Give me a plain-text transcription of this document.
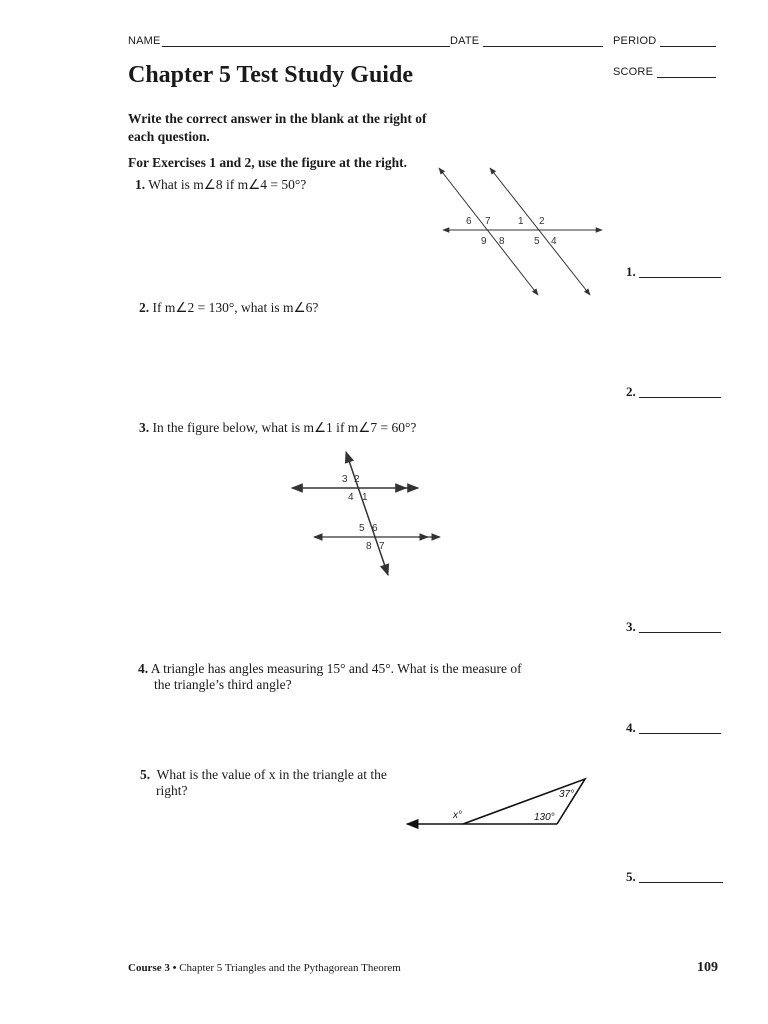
NAME	DATE	PERIOD
SCORE
Chapter 5 Test Study Guide
Write the correct answer in the blank at the right of
each question.
For Exercises 1 and 2, use the figure at the right.
1. What is m∠8 if m∠4 = 50°?
6 7	1 2
9 8	5 4
1.
2. If m∠2 = 130°, what is m∠6?
2.
3. In the figure below, what is m∠1 if m∠7 = 60°?
3 2
4 1
5 6
8 7
3.
4. A triangle has angles measuring 15° and 45°. What is the measure of
the triangle’s third angle?
4.
5. What is the value of x in the triangle at the
right?	37°
130°
x°
5.
Course 3 • Chapter 5 Triangles and the Pythagorean Theorem	109
